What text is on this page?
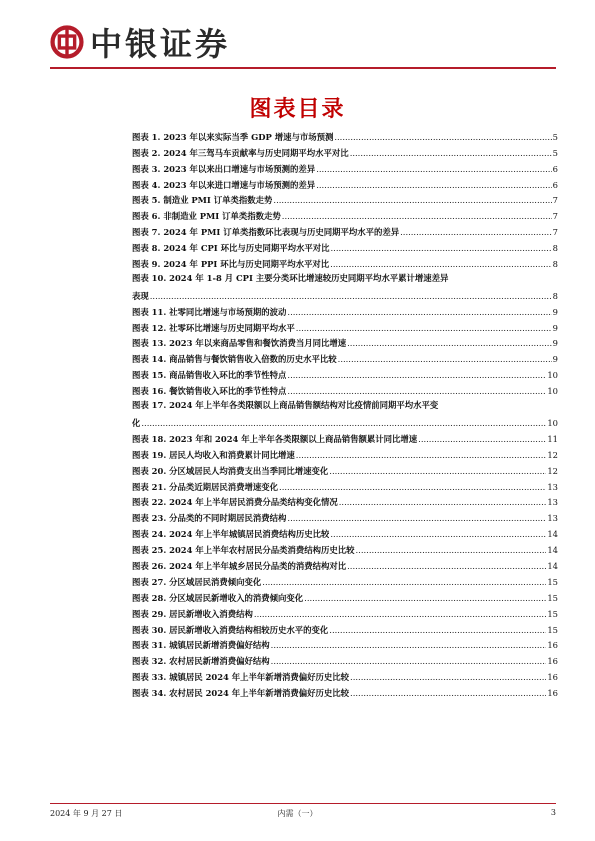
中银证券
图表目录
图表 1. 2023 年以来实际当季 GDP 增速与市场预测 .....	5
图表 2. 2024 年三驾马车贡献率与历史同期平均水平对比 .....	5
图表 3. 2023 年以来出口增速与市场预测的差异 .....	6
图表 4. 2023 年以来进口增速与市场预测的差异 .....	6
图表 5. 制造业 PMI 订单类指数走势 .....	7
图表 6. 非制造业 PMI 订单类指数走势 .....	7
图表 7. 2024 年 PMI 订单类指数环比表现与历史同期平均水平的差异 .....	7
图表 8. 2024 年 CPI 环比与历史同期平均水平对比 .....	8
图表 9. 2024 年 PPI 环比与历史同期平均水平对比 .....	8
图表 10. 2024 年 1-8 月 CPI 主要分类环比增速较历史同期平均水平累计增速差异
表现 .....	8
图表 11. 社零同比增速与市场预期的波动 .....	9
图表 12. 社零环比增速与历史同期平均水平 .....	9
图表 13. 2023 年以来商品零售和餐饮消费当月同比增速 .....	9
图表 14. 商品销售与餐饮销售收入倍数的历史水平比较 .....	9
图表 15. 商品销售收入环比的季节性特点 .....	10
图表 16. 餐饮销售收入环比的季节性特点 .....	10
图表 17. 2024 年上半年各类限额以上商品销售额结构对比疫情前同期平均水平变
化 .....	10
图表 18. 2023 年和 2024 年上半年各类限额以上商品销售额累计同比增速 .....	11
图表 19. 居民人均收入和消费累计同比增速 .....	12
图表 20. 分区域居民人均消费支出当季同比增速变化 .....	12
图表 21. 分品类近期居民消费增速变化 .....	13
图表 22. 2024 年上半年居民消费分品类结构变化情况 .....	13
图表 23. 分品类的不同时期居民消费结构 .....	13
图表 24. 2024 年上半年城镇居民消费结构历史比较 .....	14
图表 25. 2024 年上半年农村居民分品类消费结构历史比较 .....	14
图表 26. 2024 年上半年城乡居民分品类的消费结构对比 .....	14
图表 27. 分区域居民消费倾向变化 .....	15
图表 28. 分区域居民新增收入的消费倾向变化 .....	15
图表 29. 居民新增收入消费结构 .....	15
图表 30. 居民新增收入消费结构相较历史水平的变化 .....	15
图表 31. 城镇居民新增消费偏好结构 .....	16
图表 32. 农村居民新增消费偏好结构 .....	16
图表 33. 城镇居民 2024 年上半年新增消费偏好历史比较 .....	16
图表 34. 农村居民 2024 年上半年新增消费偏好历史比较 .....	16
2024 年 9 月 27 日	内需（一）	3
